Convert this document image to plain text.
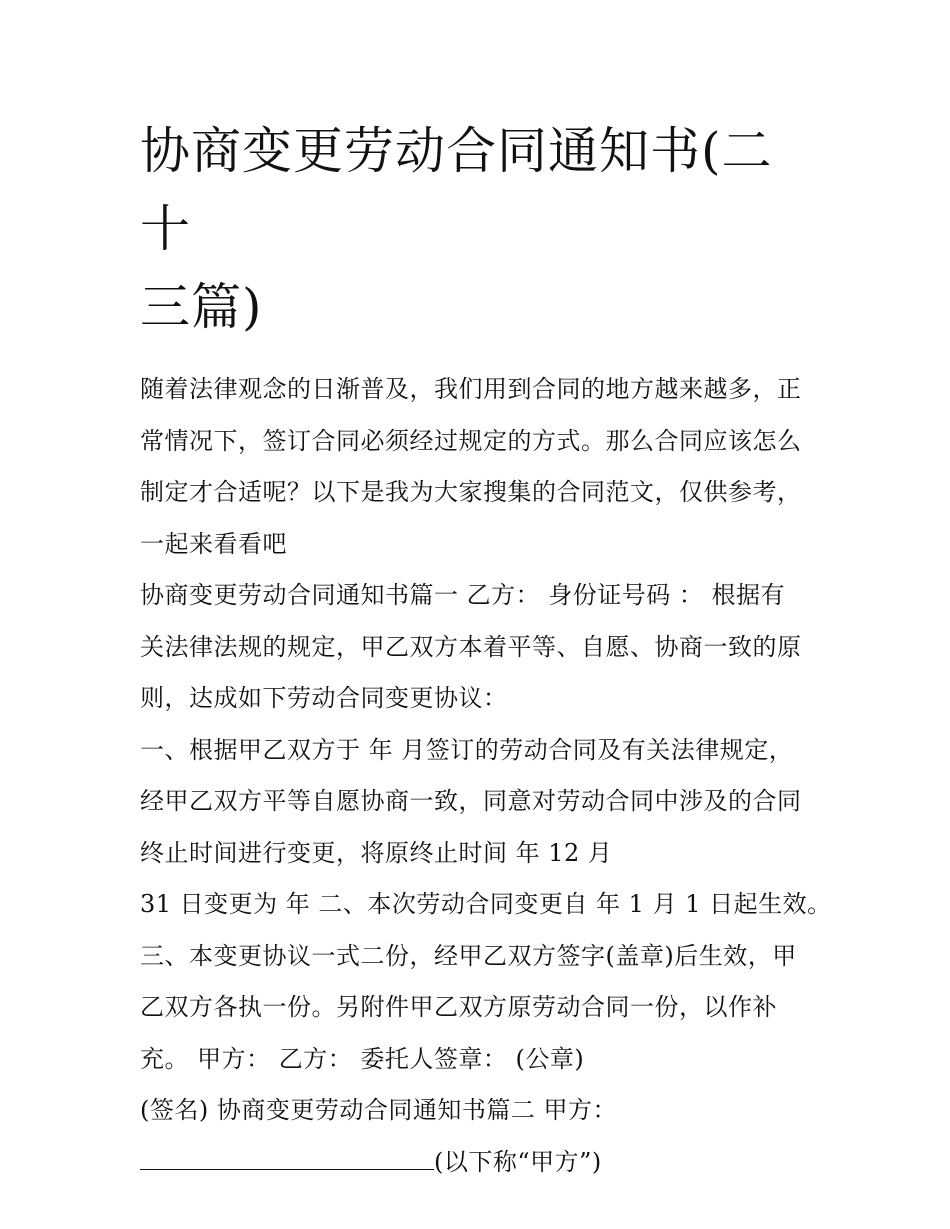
协商变更劳动合同通知书(二十
三篇)
随着法律观念的日渐普及，我们用到合同的地方越来越多，正
常情况下，签订合同必须经过规定的方式。那么合同应该怎么
制定才合适呢？以下是我为大家搜集的合同范文，仅供参考，
一起来看看吧
协商变更劳动合同通知书篇一 乙方： 身份证号码 ： 根据有
关法律法规的规定，甲乙双方本着平等、自愿、协商一致的原
则，达成如下劳动合同变更协议：
一、根据甲乙双方于 年 月签订的劳动合同及有关法律规定，
经甲乙双方平等自愿协商一致，同意对劳动合同中涉及的合同
终止时间进行变更，将原终止时间 年 12 月
31 日变更为 年 二、本次劳动合同变更自 年 1 月 1 日起生效。
三、本变更协议一式二份，经甲乙双方签字(盖章)后生效，甲
乙双方各执一份。另附件甲乙双方原劳动合同一份，以作补
充。 甲方： 乙方： 委托人签章： (公章)
(签名) 协商变更劳动合同通知书篇二 甲方：
(以下称“甲方”)
